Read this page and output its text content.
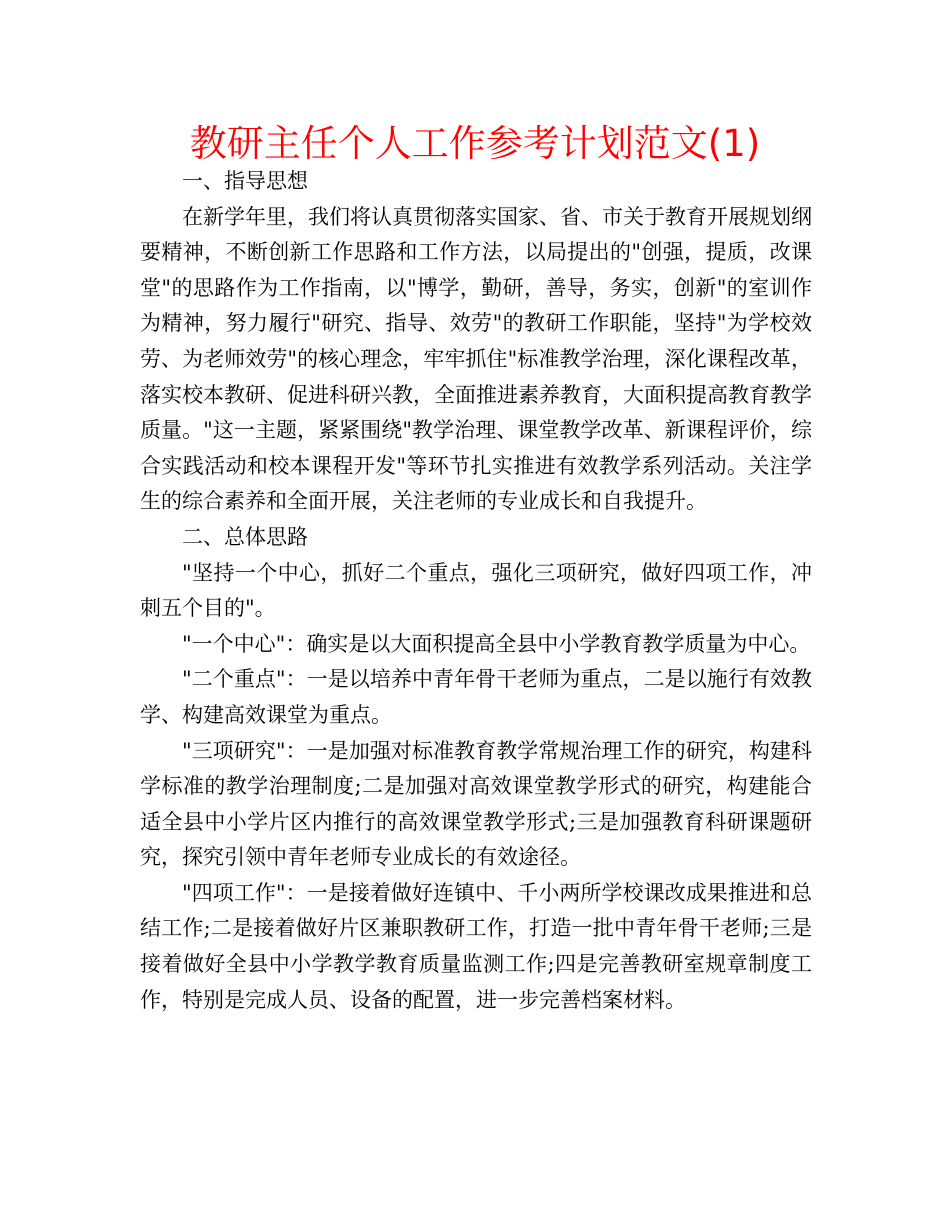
教研主任个人工作参考计划范文(1)

一、指导思想

在新学年里，我们将认真贯彻落实国家、省、市关于教育开展规划纲要精神，不断创新工作思路和工作方法，以局提出的"创强，提质，改课堂"的思路作为工作指南，以"博学，勤研，善导，务实，创新"的室训作为精神，努力履行"研究、指导、效劳"的教研工作职能，坚持"为学校效劳、为老师效劳"的核心理念，牢牢抓住"标准教学治理，深化课程改革，落实校本教研、促进科研兴教，全面推进素养教育，大面积提高教育教学质量。"这一主题，紧紧围绕"教学治理、课堂教学改革、新课程评价，综合实践活动和校本课程开发"等环节扎实推进有效教学系列活动。关注学生的综合素养和全面开展，关注老师的专业成长和自我提升。

二、总体思路

"坚持一个中心，抓好二个重点，强化三项研究，做好四项工作，冲刺五个目的"。

"一个中心"：确实是以大面积提高全县中小学教育教学质量为中心。

"二个重点"：一是以培养中青年骨干老师为重点，二是以施行有效教学、构建高效课堂为重点。

"三项研究"：一是加强对标准教育教学常规治理工作的研究，构建科学标准的教学治理制度;二是加强对高效课堂教学形式的研究，构建能合适全县中小学片区内推行的高效课堂教学形式;三是加强教育科研课题研究，探究引领中青年老师专业成长的有效途径。

"四项工作"：一是接着做好连镇中、千小两所学校课改成果推进和总结工作;二是接着做好片区兼职教研工作，打造一批中青年骨干老师;三是接着做好全县中小学教学教育质量监测工作;四是完善教研室规章制度工作，特别是完成人员、设备的配置，进一步完善档案材料。
